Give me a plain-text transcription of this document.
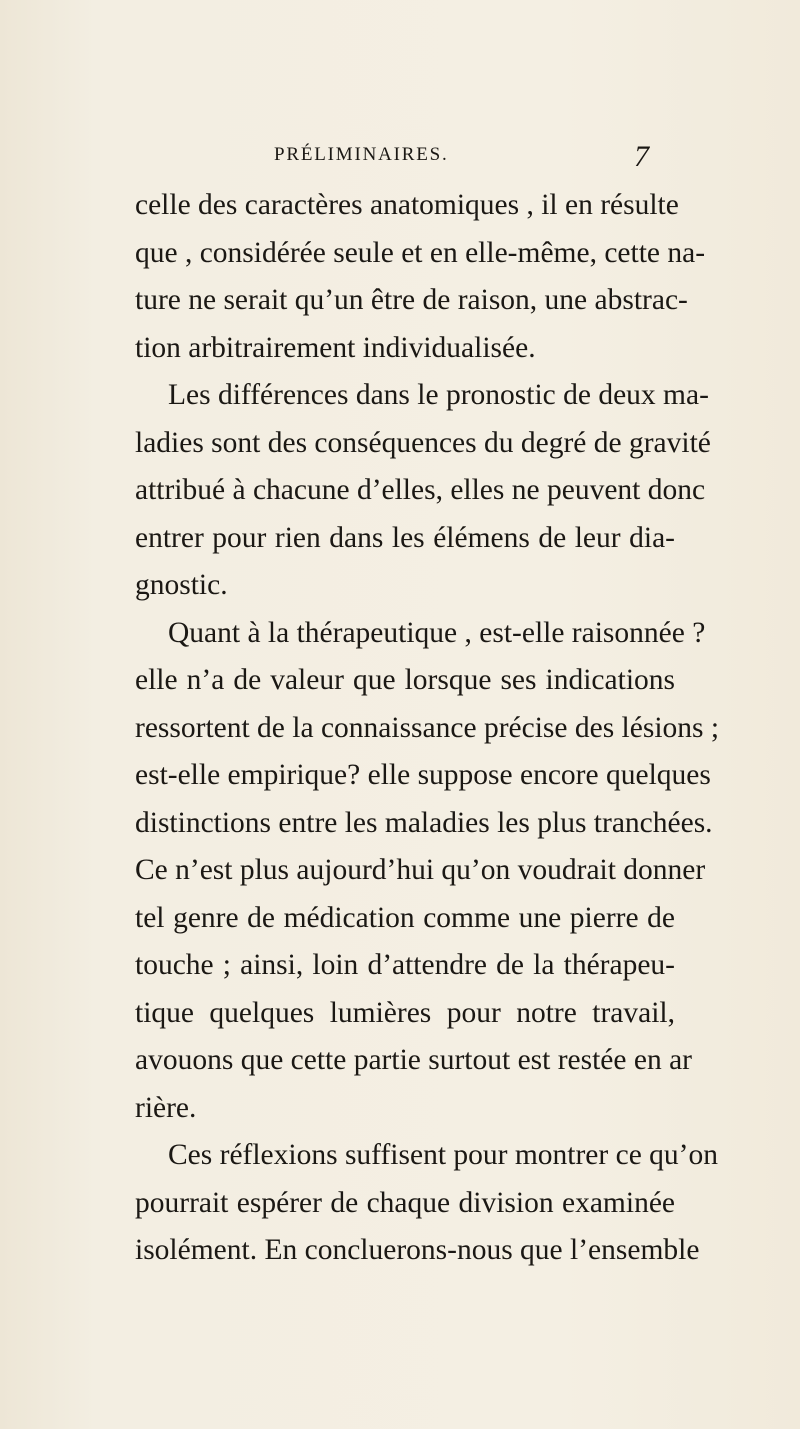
PRÉLIMINAIRES.	7
celle des caractères anatomiques , il en résulte
que , considérée seule et en elle-même, cette na-
ture ne serait qu’un être de raison, une abstrac-
tion arbitrairement individualisée.
Les différences dans le pronostic de deux ma-
ladies sont des conséquences du degré de gravité
attribué à chacune d’elles, elles ne peuvent donc
entrer pour rien dans les élémens de leur dia-
gnostic.
Quant à la thérapeutique , est-elle raisonnée ?
elle n’a de valeur que lorsque ses indications
ressortent de la connaissance précise des lésions ;
est-elle empirique? elle suppose encore quelques
distinctions entre les maladies les plus tranchées.
Ce n’est plus aujourd’hui qu’on voudrait donner
tel genre de médication comme une pierre de
touche ; ainsi, loin d’attendre de la thérapeu-
tique quelques lumières pour notre travail,
avouons que cette partie surtout est restée en ar
rière.
Ces réflexions suffisent pour montrer ce qu’on
pourrait espérer de chaque division examinée
isolément. En concluerons-nous que l’ensemble
